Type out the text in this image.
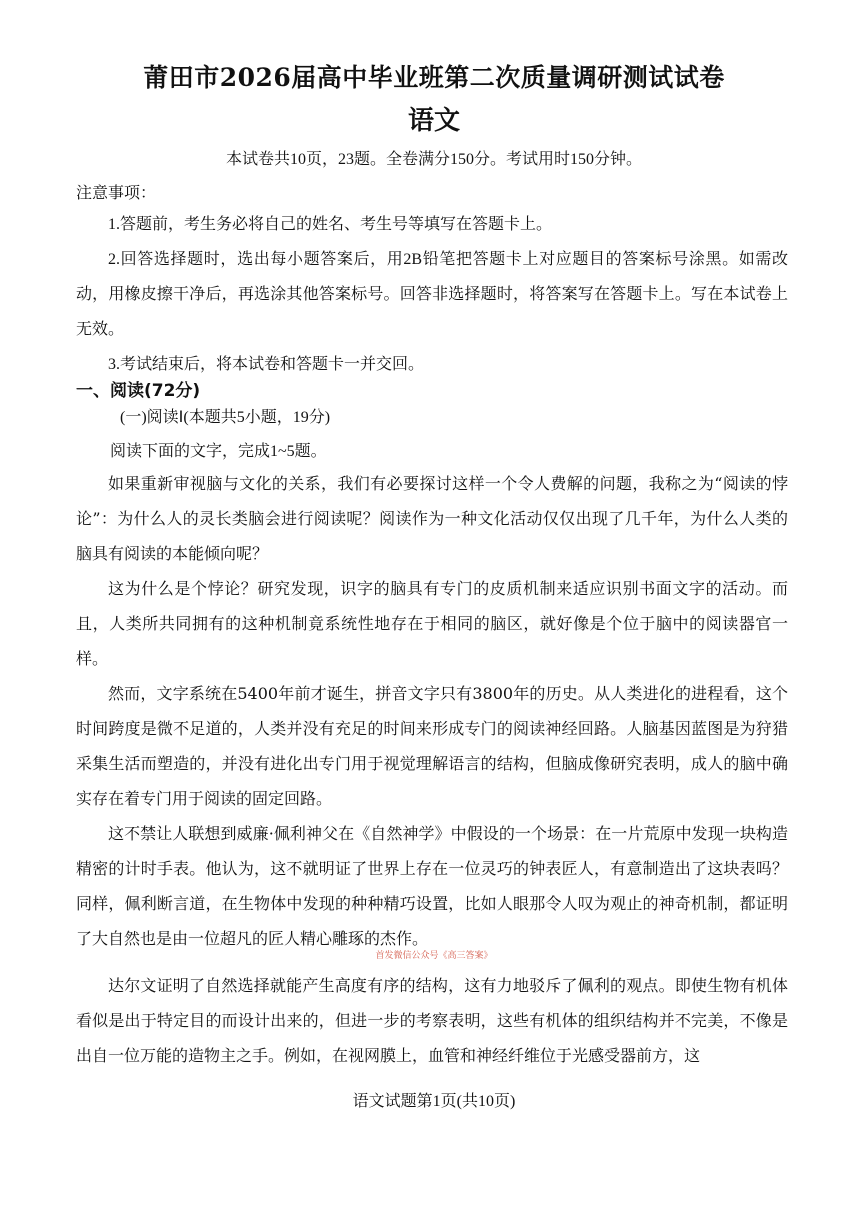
莆田市2026届高中毕业班第二次质量调研测试试卷
语文
本试卷共10页，23题。全卷满分150分。考试用时150分钟。
注意事项：

1.答题前，考生务必将自己的姓名、考生号等填写在答题卡上。

2.回答选择题时，选出每小题答案后，用2B铅笔把答题卡上对应题目的答案标号涂黑。如需改动，用橡皮擦干净后，再选涂其他答案标号。回答非选择题时，将答案写在答题卡上。写在本试卷上无效。

3.考试结束后，将本试卷和答题卡一并交回。

一、阅读(72分)
(一)阅读Ⅰ(本题共5小题，19分)
阅读下面的文字，完成1~5题。

如果重新审视脑与文化的关系，我们有必要探讨这样一个令人费解的问题，我称之为“阅读的悖论”：为什么人的灵长类脑会进行阅读呢？阅读作为一种文化活动仅仅出现了几千年，为什么人类的脑具有阅读的本能倾向呢？

这为什么是个悖论？研究发现，识字的脑具有专门的皮质机制来适应识别书面文字的活动。而且，人类所共同拥有的这种机制竟系统性地存在于相同的脑区，就好像是个位于脑中的阅读器官一样。

然而，文字系统在5400年前才诞生，拼音文字只有3800年的历史。从人类进化的进程看，这个时间跨度是微不足道的，人类并没有充足的时间来形成专门的阅读神经回路。人脑基因蓝图是为狩猎采集生活而塑造的，并没有进化出专门用于视觉理解语言的结构，但脑成像研究表明，成人的脑中确实存在着专门用于阅读的固定回路。

这不禁让人联想到威廉·佩利神父在《自然神学》中假设的一个场景：在一片荒原中发现一块构造精密的计时手表。他认为，这不就明证了世界上存在一位灵巧的钟表匠人，有意制造出了这块表吗？同样，佩利断言道，在生物体中发现的种种精巧设置，比如人眼那令人叹为观止的神奇机制，都证明了大自然也是由一位超凡的匠人精心雕琢的杰作。

达尔文证明了自然选择就能产生高度有序的结构，这有力地驳斥了佩利的观点。即使生物有机体看似是出于特定目的而设计出来的，但进一步的考察表明，这些有机体的组织结构并不完美，不像是出自一位万能的造物主之手。例如，在视网膜上，血管和神经纤维位于光感受器前方，这

首发微信公众号《高三答案》
语文试题第1页(共10页)
